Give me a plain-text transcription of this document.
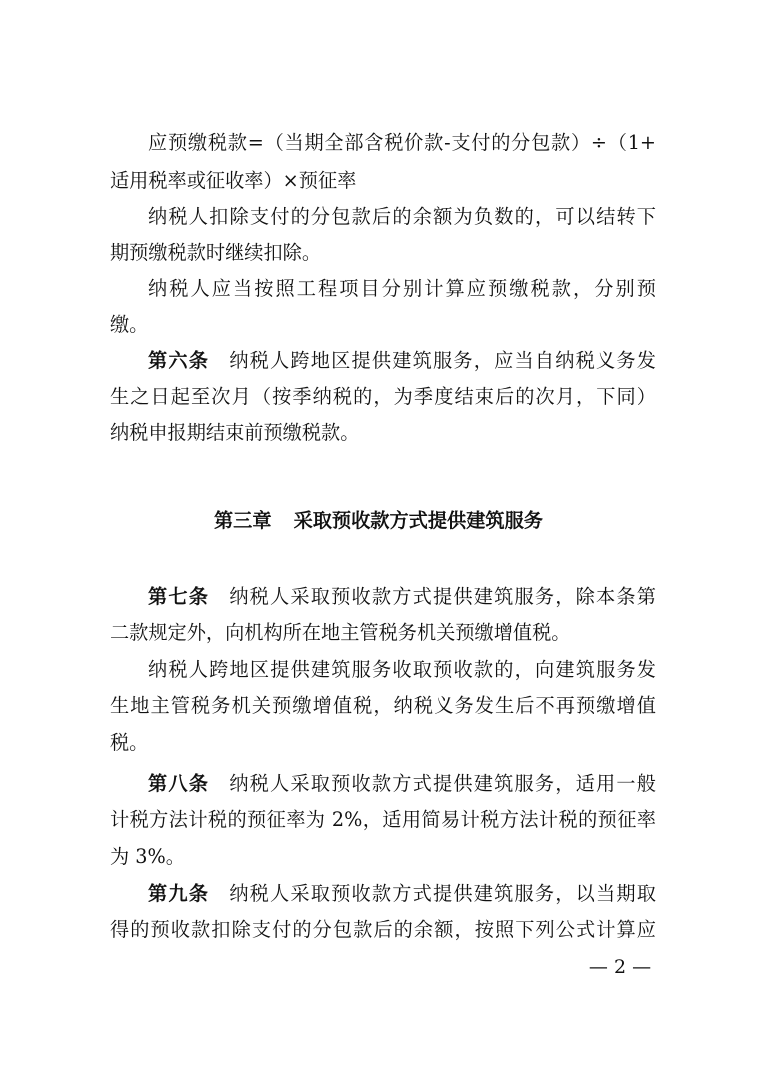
应预缴税款=（当期全部含税价款-支付的分包款）÷（1+
适用税率或征收率）×预征率
纳税人扣除支付的分包款后的余额为负数的，可以结转下
期预缴税款时继续扣除。
纳税人应当按照工程项目分别计算应预缴税款，分别预
缴。
第六条 纳税人跨地区提供建筑服务，应当自纳税义务发
生之日起至次月（按季纳税的，为季度结束后的次月，下同）
纳税申报期结束前预缴税款。
第三章 采取预收款方式提供建筑服务
第七条 纳税人采取预收款方式提供建筑服务，除本条第
二款规定外，向机构所在地主管税务机关预缴增值税。
纳税人跨地区提供建筑服务收取预收款的，向建筑服务发
生地主管税务机关预缴增值税，纳税义务发生后不再预缴增值
税。
第八条 纳税人采取预收款方式提供建筑服务，适用一般
计税方法计税的预征率为 2%，适用简易计税方法计税的预征率
为 3%。
第九条 纳税人采取预收款方式提供建筑服务，以当期取
得的预收款扣除支付的分包款后的余额，按照下列公式计算应
— 2 —
